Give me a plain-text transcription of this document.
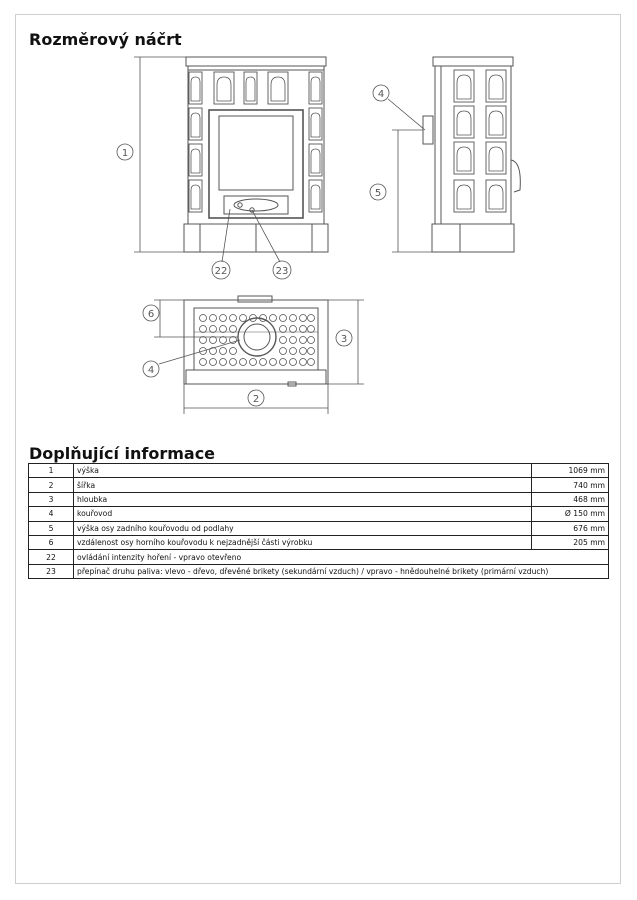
Rozměrový náčrt
1
22	23
4
5
6
3
2
4
Doplňující informace
1	výška	1069 mm
2	šířka	740 mm
3	hloubka	468 mm
4	kouřovod	Ø 150 mm
5	výška osy zadního kouřovodu od podlahy	676 mm
6	vzdálenost osy horního kouřovodu k nejzadnější části výrobku	205 mm
22	ovládání intenzity hoření - vpravo otevřeno	
23	přepínač druhu paliva: vlevo - dřevo, dřevěné brikety (sekundární vzduch) / vpravo - hnědouhelné brikety (primární vzduch)	
